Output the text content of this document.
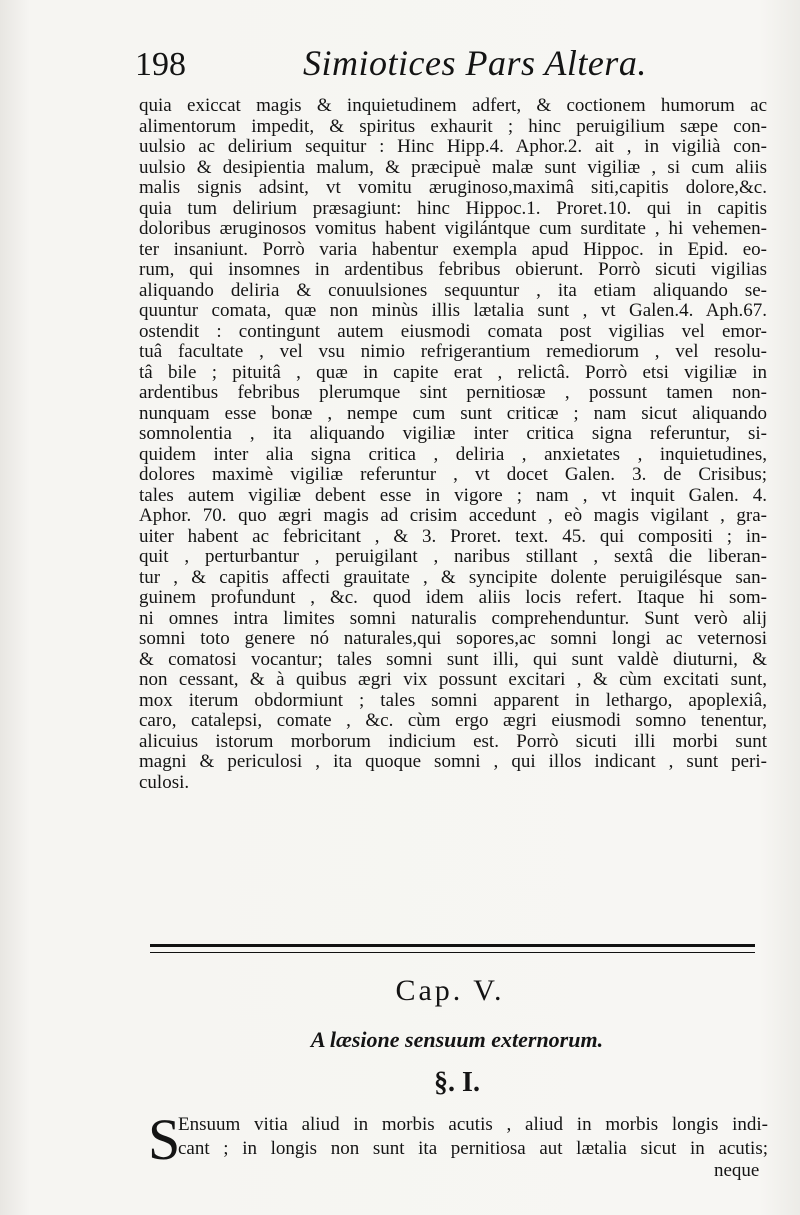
198	Simiotices Pars Altera.
quia exiccat magis & inquietudinem adfert, & coctionem humorum ac
alimentorum impedit, & spiritus exhaurit ; hinc peruigilium sæpe con-
uulsio ac delirium sequitur : Hinc Hipp.4. Aphor.2. ait , in vigilià con-
uulsio & desipientia malum, & præcipuè malæ sunt vigiliæ , si cum aliis
malis signis adsint, vt vomitu æruginoso,maximâ siti,capitis dolore,&c.
quia tum delirium præsagiunt: hinc Hippoc.1. Proret.10. qui in capitis
doloribus æruginosos vomitus habent vigilántque cum surditate , hi vehemen-
ter insaniunt. Porrò varia habentur exempla apud Hippoc. in Epid. eo-
rum, qui insomnes in ardentibus febribus obierunt. Porrò sicuti vigilias
aliquando deliria & conuulsiones sequuntur , ita etiam aliquando se-
quuntur comata, quæ non minùs illis lætalia sunt , vt Galen.4. Aph.67.
ostendit : contingunt autem eiusmodi comata post vigilias vel emor-
tuâ facultate , vel vsu nimio refrigerantium remediorum , vel resolu-
tâ bile ; pituitâ , quæ in capite erat , relictâ. Porrò etsi vigiliæ in
ardentibus febribus plerumque sint pernitiosæ , possunt tamen non-
nunquam esse bonæ , nempe cum sunt criticæ ; nam sicut aliquando
somnolentia , ita aliquando vigiliæ inter critica signa referuntur, si-
quidem inter alia signa critica , deliria , anxietates , inquietudines,
dolores maximè vigiliæ referuntur , vt docet Galen. 3. de Crisibus;
tales autem vigiliæ debent esse in vigore ; nam , vt inquit Galen. 4.
Aphor. 70. quo ægri magis ad crisim accedunt , eò magis vigilant , gra-
uiter habent ac febricitant , & 3. Proret. text. 45. qui compositi ; in-
quit , perturbantur , peruigilant , naribus stillant , sextâ die liberan-
tur , & capitis affecti grauitate , & syncipite dolente peruigilésque san-
guinem profundunt , &c. quod idem aliis locis refert. Itaque hi som-
ni omnes intra limites somni naturalis comprehenduntur. Sunt verò alij
somni toto genere nó naturales,qui sopores,ac somni longi ac veternosi
& comatosi vocantur; tales somni sunt illi, qui sunt valdè diuturni, &
non cessant, & à quibus ægri vix possunt excitari , & cùm excitati sunt,
mox iterum obdormiunt ; tales somni apparent in lethargo, apoplexiâ,
caro, catalepsi, comate , &c. cùm ergo ægri eiusmodi somno tenentur,
alicuius istorum morborum indicium est. Porrò sicuti illi morbi sunt
magni & periculosi , ita quoque somni , qui illos indicant , sunt peri-
culosi.
Cap. V.
A læsione sensuum externorum.
§. I.
S
Ensuum vitia aliud in morbis acutis , aliud in morbis longis indi-
cant ; in longis non sunt ita pernitiosa aut lætalia sicut in acutis;
neque
